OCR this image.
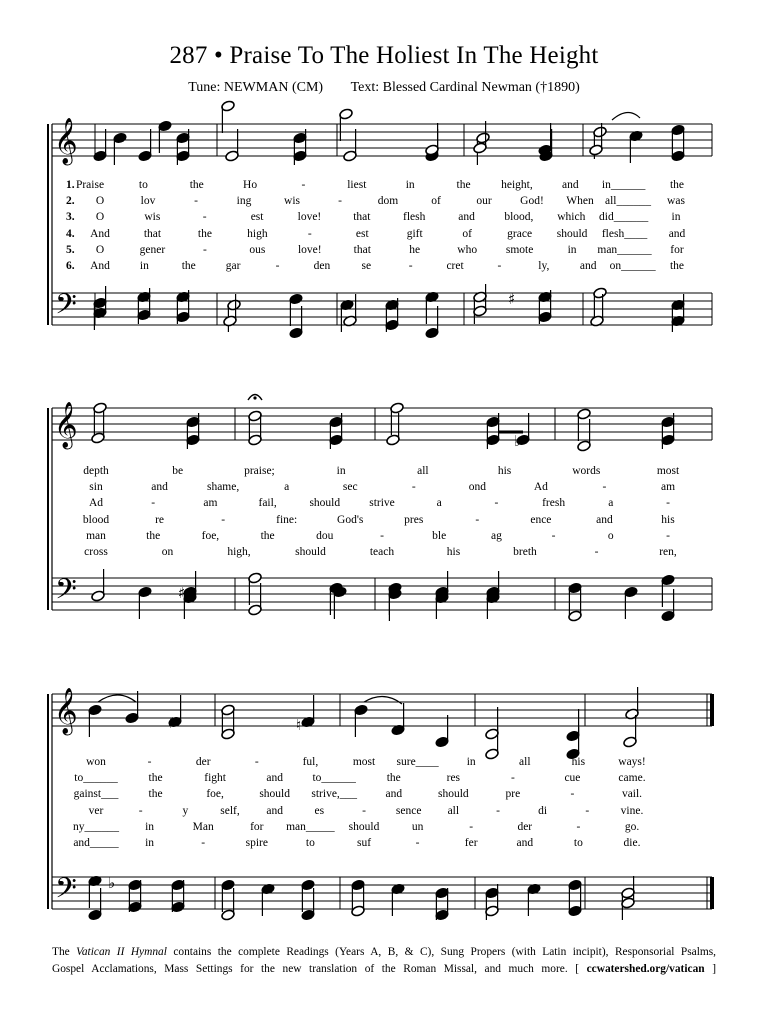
287 • Praise To The Holiest In The Height
Tune: NEWMAN (CM) Text: Blessed Cardinal Newman (†1890)
𝄞
𝄢
𝄞
𝄢
𝄞
𝄢
♯
♯
♭
♭
♮
♯
1. Praise	to	the	Ho	-	liest	in	the	height,	and in______ the
2. O	lov	-	ing	wis	-	dom	of	our God! When all______ was
3. O	wis	-	est	love!	that	flesh	and	blood, which did______ in
4. And	that	the	high	-	est	gift	of	grace should flesh____ and
5. O	gener	-	ous	love!	that	he	who	smote	in man______ for
6. And	in	the	gar	-	den	se	-	cret	-	ly,	and on______ the
depth	be	praise;	in	all	his	words	most
sin	and	shame,	a	sec	-	ond	Ad	-	am
Ad	-	am	fail,	should	strive	a	-	fresh	a	-
blood	re	-	fine:	God's	pres	-	ence	and	his
man	the	foe,	the	dou	-	ble	ag	-	o	-
cross	on	high,	should	teach	his	breth	-	ren,
won	-	der	-	ful,	most sure____ in	all	his	ways!
to______	the	fight	and	to______	the	res	-	cue	came.
gainst___	the	foe,	should strive,___ and	should	pre	-	vail.
ver	-	y	self, and	es	-	sence all	-	di	-	vine.
ny______ in	Man	for man_____ should	un	-	der	-	go.
and_____ in	-	spire	to	suf	-	fer	and	to	die.
The Vatican II Hymnal contains the complete Readings (Years A, B, & C), Sung Propers (with Latin incipit), Responsorial Psalms,
Gospel Acclamations, Mass Settings for the new translation of the Roman Missal, and much more. [ ccwatershed.org/vatican ]
